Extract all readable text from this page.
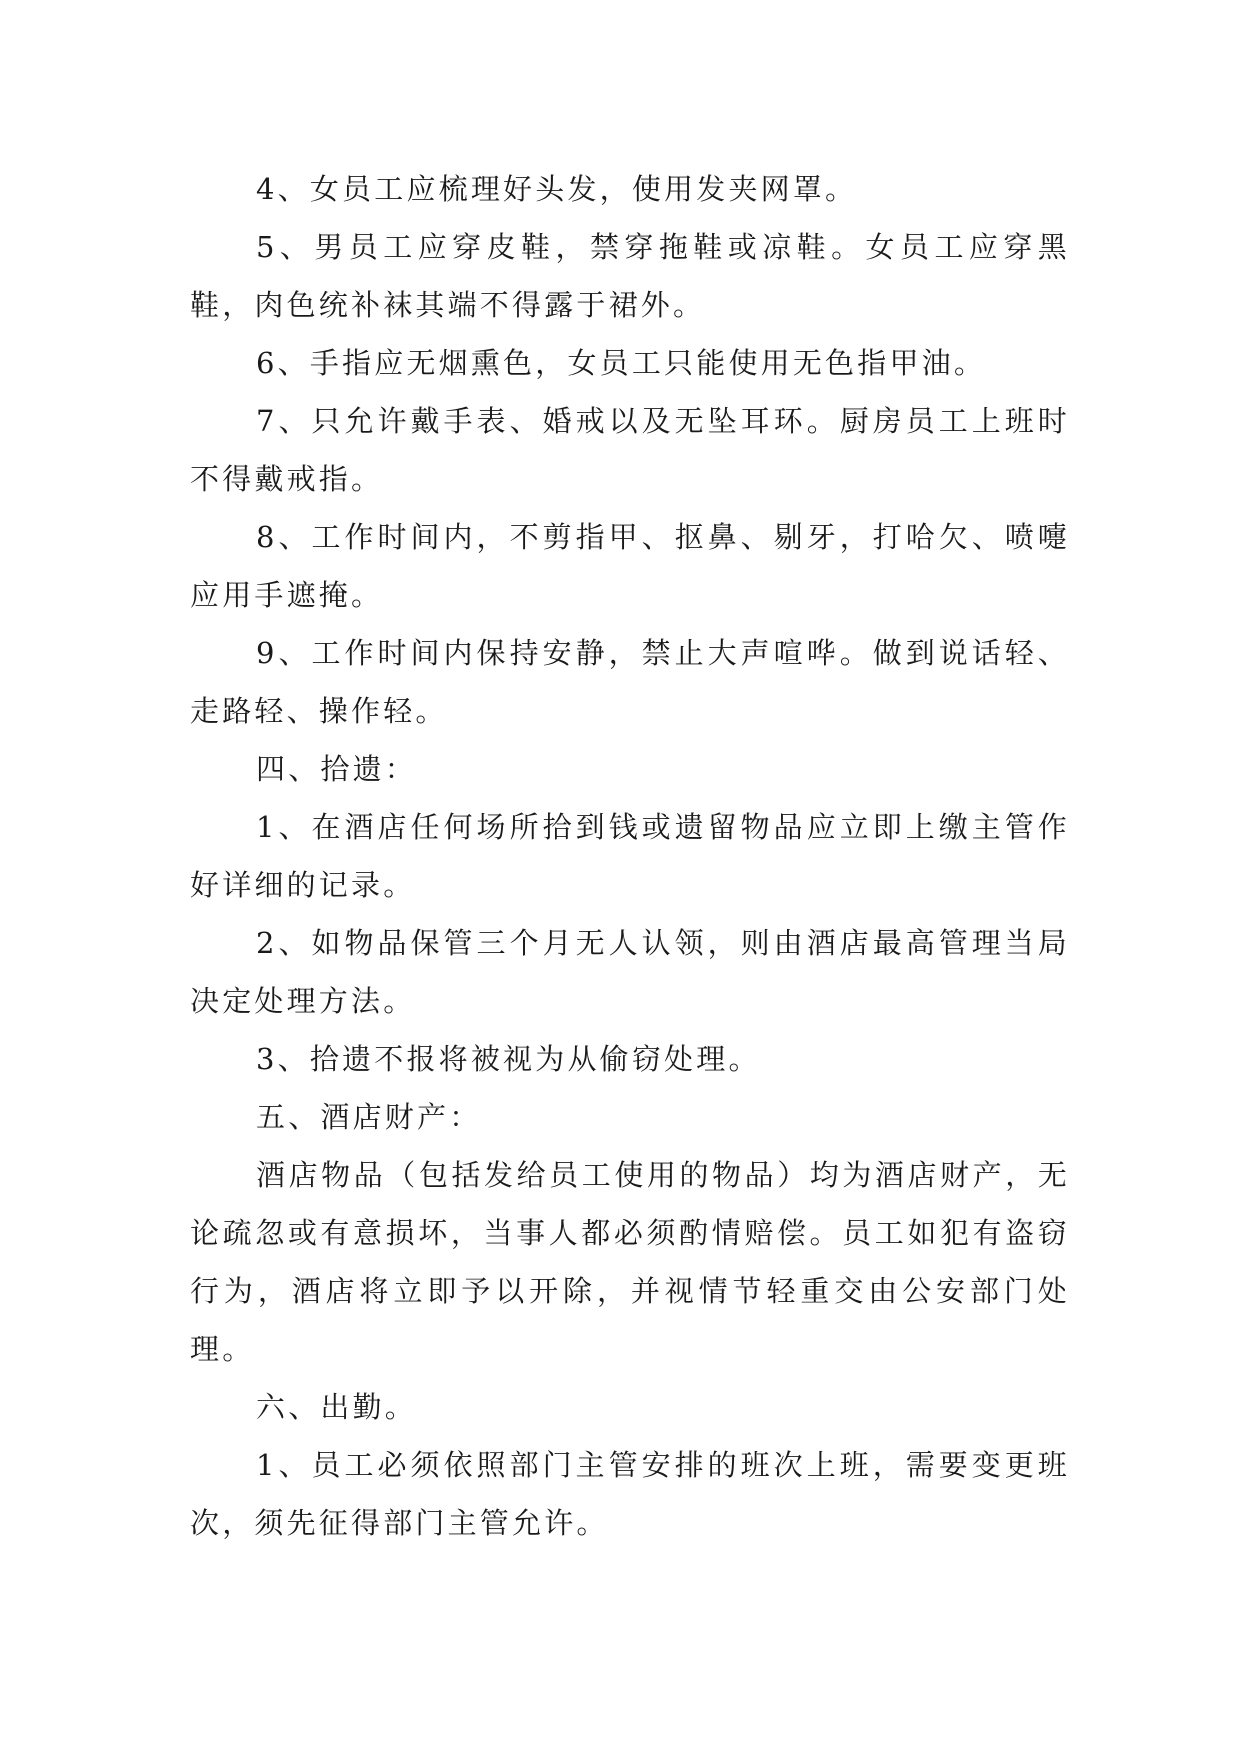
4、女员工应梳理好头发，使用发夹网罩。

5、男员工应穿皮鞋，禁穿拖鞋或凉鞋。女员工应穿黑鞋，肉色统补袜其端不得露于裙外。

6、手指应无烟熏色，女员工只能使用无色指甲油。

7、只允许戴手表、婚戒以及无坠耳环。厨房员工上班时不得戴戒指。

8、工作时间内，不剪指甲、抠鼻、剔牙，打哈欠、喷嚏应用手遮掩。

9、工作时间内保持安静，禁止大声喧哗。做到说话轻、走路轻、操作轻。

四、拾遗：

1、在酒店任何场所拾到钱或遗留物品应立即上缴主管作好详细的记录。

2、如物品保管三个月无人认领，则由酒店最高管理当局决定处理方法。

3、拾遗不报将被视为从偷窃处理。

五、酒店财产：

酒店物品（包括发给员工使用的物品）均为酒店财产，无论疏忽或有意损坏，当事人都必须酌情赔偿。员工如犯有盗窃行为，酒店将立即予以开除，并视情节轻重交由公安部门处理。

六、出勤。

1、员工必须依照部门主管安排的班次上班，需要变更班次，须先征得部门主管允许。
